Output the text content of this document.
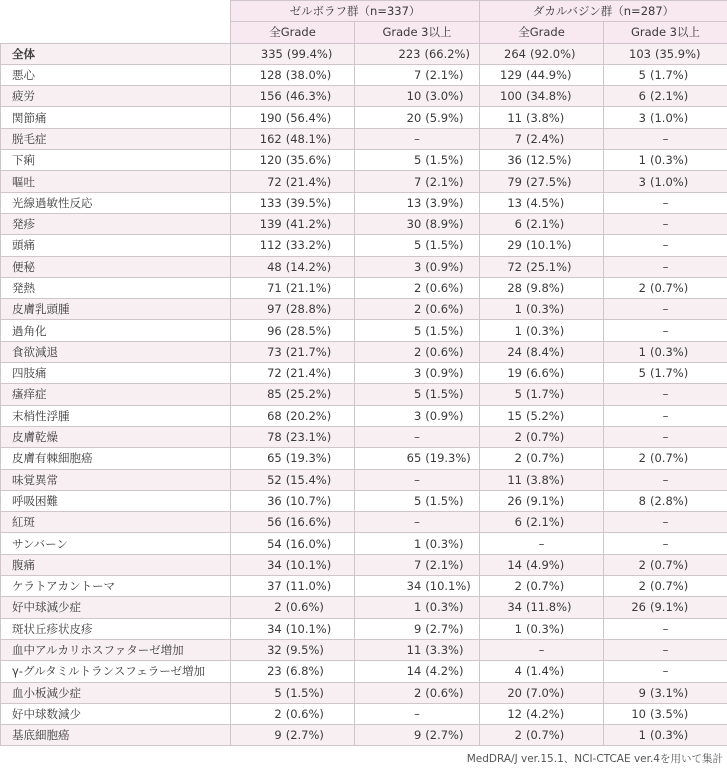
	ゼルボラフ群（n=337）		ダカルバジン群（n=287）	
	全Grade	Grade 3以上	全Grade	Grade 3以上
全体	335 (99.4%)	223 (66.2%)	264 (92.0%)	103 (35.9%)

悪心	128 (38.0%)	7 (2.1%)	129 (44.9%)	5 (1.7%)

疲労	156 (46.3%)	10 (3.0%)	100 (34.8%)	6 (2.1%)

関節痛	190 (56.4%)	20 (5.9%)	11 (3.8%)	3 (1.0%)

脱毛症	162 (48.1%)	–	7 (2.4%)	–

下痢	120 (35.6%)	5 (1.5%)	36 (12.5%)	1 (0.3%)

嘔吐	72 (21.4%)	7 (2.1%)	79 (27.5%)	3 (1.0%)

光線過敏性反応	133 (39.5%)	13 (3.9%)	13 (4.5%)	–

発疹	139 (41.2%)	30 (8.9%)	6 (2.1%)	–

頭痛	112 (33.2%)	5 (1.5%)	29 (10.1%)	–

便秘	48 (14.2%)	3 (0.9%)	72 (25.1%)	–

発熱	71 (21.1%)	2 (0.6%)	28 (9.8%)	2 (0.7%)

皮膚乳頭腫	97 (28.8%)	2 (0.6%)	1 (0.3%)	–

過角化	96 (28.5%)	5 (1.5%)	1 (0.3%)	–

食欲減退	73 (21.7%)	2 (0.6%)	24 (8.4%)	1 (0.3%)

四肢痛	72 (21.4%)	3 (0.9%)	19 (6.6%)	5 (1.7%)

瘙痒症	85 (25.2%)	5 (1.5%)	5 (1.7%)	–

末梢性浮腫	68 (20.2%)	3 (0.9%)	15 (5.2%)	–

皮膚乾燥	78 (23.1%)	–	2 (0.7%)	–

皮膚有棘細胞癌	65 (19.3%)	65 (19.3%)	2 (0.7%)	2 (0.7%)

味覚異常	52 (15.4%)	–	11 (3.8%)	–

呼吸困難	36 (10.7%)	5 (1.5%)	26 (9.1%)	8 (2.8%)

紅斑	56 (16.6%)	–	6 (2.1%)	–

サンバーン	54 (16.0%)	1 (0.3%)	–	–

腹痛	34 (10.1%)	7 (2.1%)	14 (4.9%)	2 (0.7%)

ケラトアカントーマ	37 (11.0%)	34 (10.1%)	2 (0.7%)	2 (0.7%)

好中球減少症	2 (0.6%)	1 (0.3%)	34 (11.8%)	26 (9.1%)

斑状丘疹状皮疹	34 (10.1%)	9 (2.7%)	1 (0.3%)	–

血中アルカリホスファターゼ増加	32 (9.5%)	11 (3.3%)	–	–

γ-グルタミルトランスフェラーゼ増加	23 (6.8%)	14 (4.2%)	4 (1.4%)	–

血小板減少症	5 (1.5%)	2 (0.6%)	20 (7.0%)	9 (3.1%)

好中球数減少	2 (0.6%)	–	12 (4.2%)	10 (3.5%)

基底細胞癌	9 (2.7%)	9 (2.7%)	2 (0.7%)	1 (0.3%)
MedDRA/J ver.15.1、NCI-CTCAE ver.4を用いて集計
